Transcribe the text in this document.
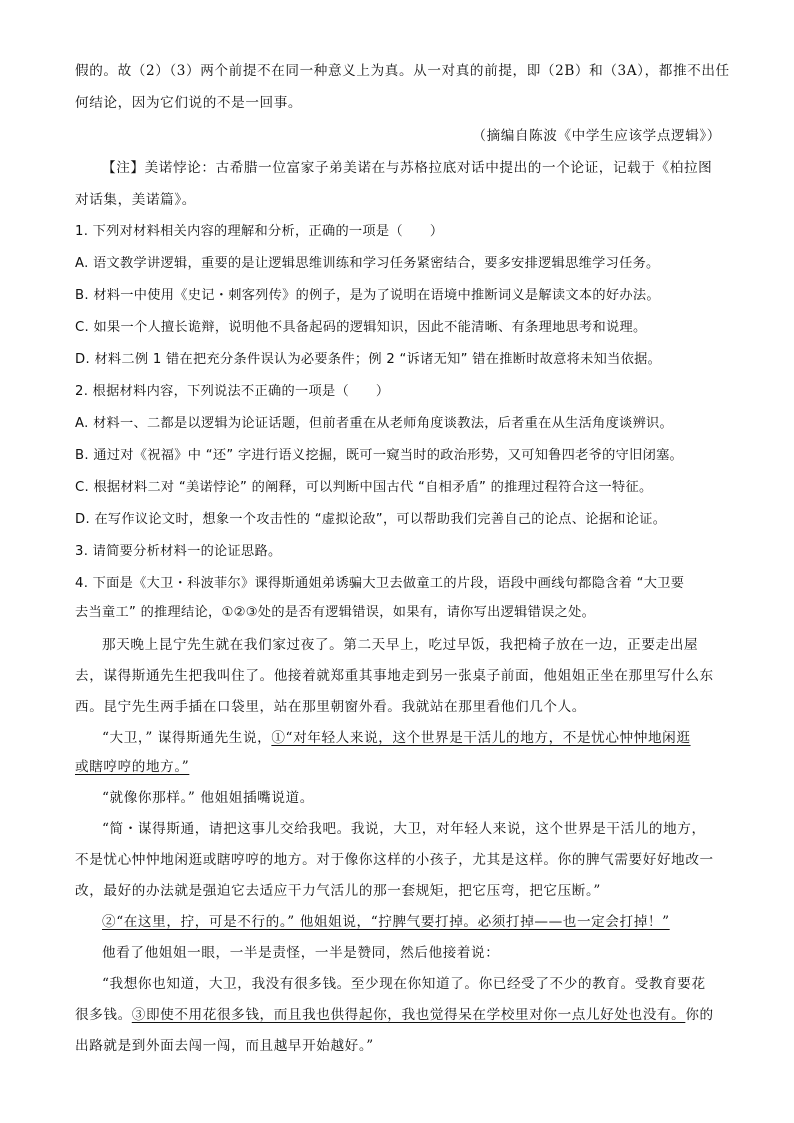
假的。故（2）（3）两个前提不在同一种意义上为真。从一对真的前提，即（2B）和（3A），都推不出任
何结论，因为它们说的不是一回事。
（摘编自陈波《中学生应该学点逻辑》）
【注】美诺悖论：古希腊一位富家子弟美诺在与苏格拉底对话中提出的一个论证，记载于《柏拉图
对话集，美诺篇》。
1. 下列对材料相关内容的理解和分析，正确的一项是（　　）
A. 语文教学讲逻辑，重要的是让逻辑思维训练和学习任务紧密结合，要多安排逻辑思维学习任务。
B. 材料一中使用《史记・刺客列传》的例子，是为了说明在语境中推断词义是解读文本的好办法。
C. 如果一个人擅长诡辩，说明他不具备起码的逻辑知识，因此不能清晰、有条理地思考和说理。
D. 材料二例 1 错在把充分条件误认为必要条件；例 2 “诉诸无知” 错在推断时故意将未知当依据。
2. 根据材料内容，下列说法不正确的一项是（　　）
A. 材料一、二都是以逻辑为论证话题，但前者重在从老师角度谈教法，后者重在从生活角度谈辨识。
B. 通过对《祝福》中 “还” 字进行语义挖掘，既可一窥当时的政治形势，又可知鲁四老爷的守旧闭塞。
C. 根据材料二对 “美诺悖论” 的阐释，可以判断中国古代 “自相矛盾” 的推理过程符合这一特征。
D. 在写作议论文时，想象一个攻击性的 “虚拟论敌”，可以帮助我们完善自己的论点、论据和论证。
3. 请简要分析材料一的论证思路。
4. 下面是《大卫・科波菲尔》课得斯通姐弟诱骗大卫去做童工的片段，语段中画线句都隐含着 “大卫要
去当童工” 的推理结论，①②③处的是否有逻辑错误，如果有，请你写出逻辑错误之处。
那天晚上昆宁先生就在我们家过夜了。第二天早上，吃过早饭，我把椅子放在一边，正要走出屋
去，谋得斯通先生把我叫住了。他接着就郑重其事地走到另一张桌子前面，他姐姐正坐在那里写什么东
西。昆宁先生两手插在口袋里，站在那里朝窗外看。我就站在那里看他们几个人。
“大卫，” 谋得斯通先生说，①“对年轻人来说，这个世界是干活儿的地方，不是忧心忡忡地闲逛
或瞎哼哼的地方。”
“就像你那样。” 他姐姐插嘴说道。
“简・谋得斯通，请把这事儿交给我吧。我说，大卫，对年轻人来说，这个世界是干活儿的地方，
不是忧心忡忡地闲逛或瞎哼哼的地方。对于像你这样的小孩子，尤其是这样。你的脾气需要好好地改一
改，最好的办法就是强迫它去适应干力气活儿的那一套规矩，把它压弯，把它压断。”
②“在这里，拧，可是不行的。” 他姐姐说，“拧脾气要打掉。必须打掉——也一定会打掉！”
他看了他姐姐一眼，一半是责怪，一半是赞同，然后他接着说：
“我想你也知道，大卫，我没有很多钱。至少现在你知道了。你已经受了不少的教育。受教育要花
很多钱。③即使不用花很多钱，而且我也供得起你，我也觉得呆在学校里对你一点儿好处也没有。你的
出路就是到外面去闯一闯，而且越早开始越好。”
